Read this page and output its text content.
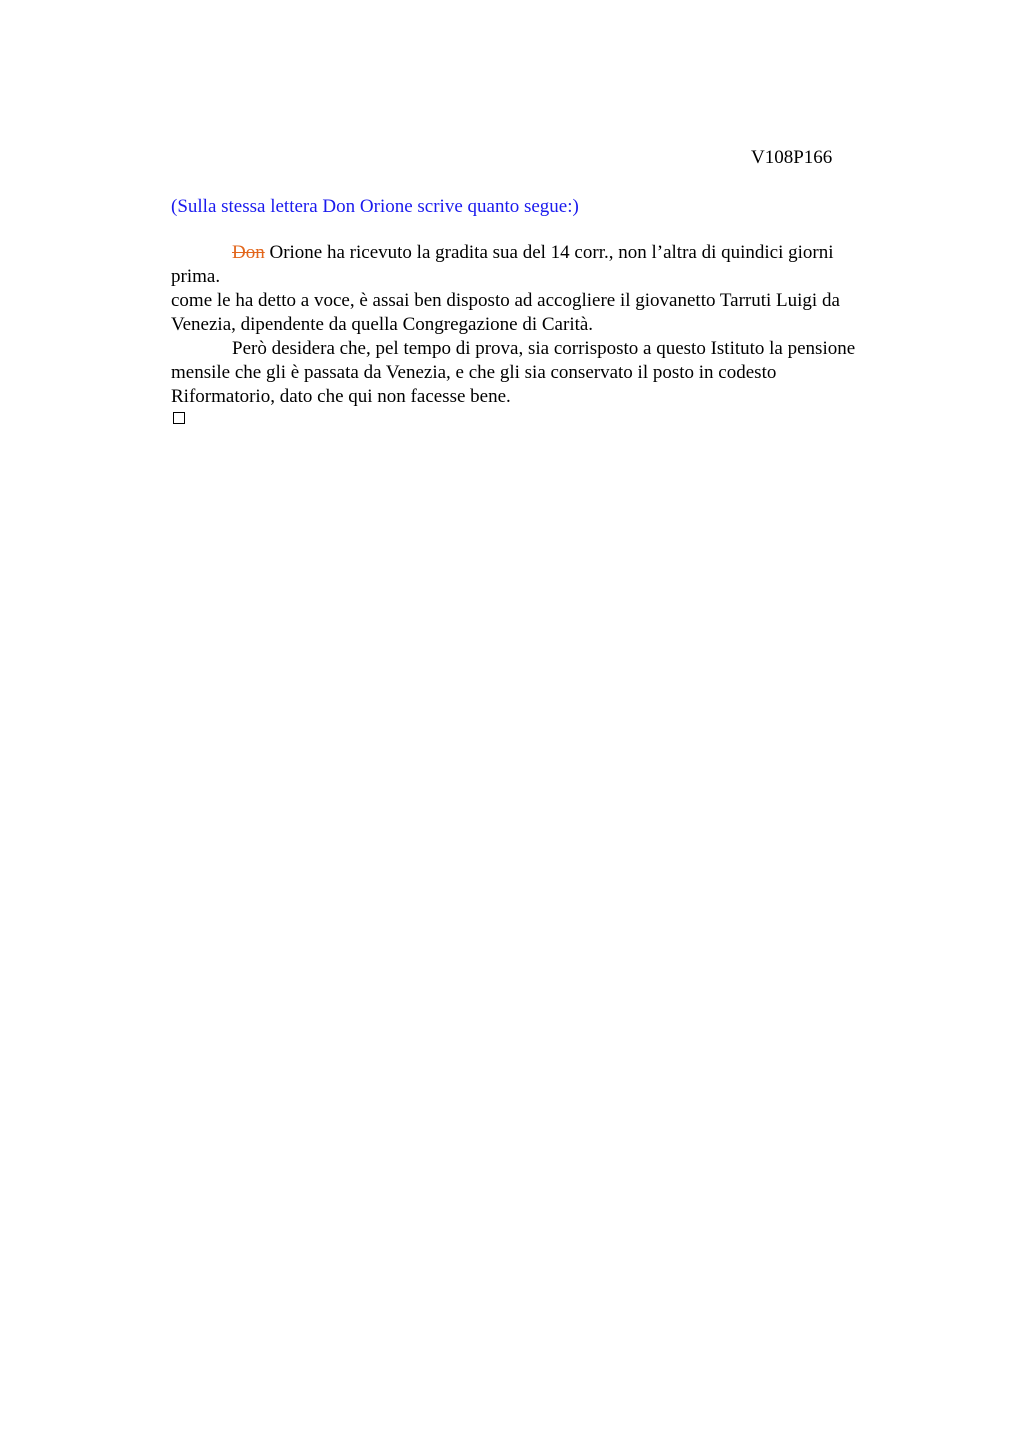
V108P166
(Sulla stessa lettera Don Orione scrive quanto segue:)
Don Orione ha ricevuto la gradita sua del 14 corr., non l’altra di quindici giorni
prima.
come le ha detto a voce, è assai ben disposto ad accogliere il giovanetto Tarruti Luigi da
Venezia, dipendente da quella Congregazione di Carità.
Però desidera che, pel tempo di prova, sia corrisposto a questo Istituto la pensione
mensile che gli è passata da Venezia, e che gli sia conservato il posto in codesto
Riformatorio, dato che qui non facesse bene.
